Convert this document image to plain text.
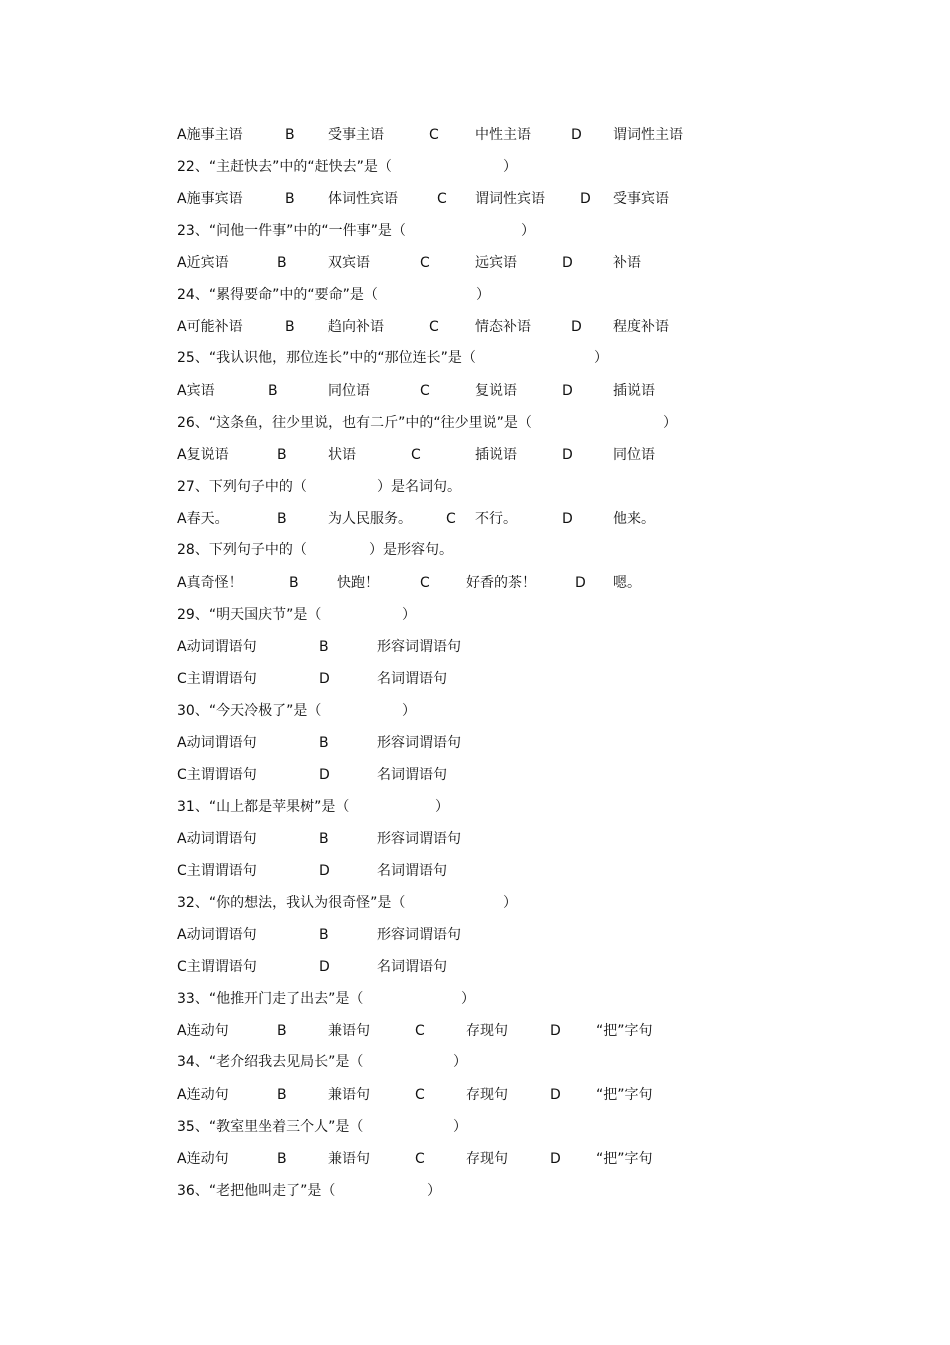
A施事主语

	B

受事主语

	C

	中性主语

	D

谓词性主语

22、“主赶快去”中的“赶快去”是（

	）

A施事宾语

	B

体词性宾语

	C

谓词性宾语

	D

受事宾语

23、“问他一件事”中的“一件事”是（

	）

A近宾语

	B

	双宾语

	C

	远宾语

	D

	补语

24、“累得要命”中的“要命”是（

	）

A可能补语

	B

趋向补语

	C

	情态补语

	D

程度补语

25、“我认识他，那位连长”中的“那位连长”是（

	）

A宾语

	B

	同位语

	C

	复说语

	D

	插说语

26、“这条鱼，往少里说，也有二斤”中的“往少里说”是（

	）

A复说语

	B

	状语

	C

	插说语

	D

	同位语

27、下列句子中的（

	）是名词句。

A春天。

	B

	为人民服务。

C

不行。

	D

	他来。

28、下列句子中的（

	）是形容句。

A真奇怪！

	B

	快跑！

	C

	好香的茶！

	D

嗯。

29、“明天国庆节”是（

	）

A动词谓语句

	B

	形容词谓语句

C主谓谓语句

	D

	名词谓语句

30、“今天冷极了”是（

	）

A动词谓语句

	B

	形容词谓语句

C主谓谓语句

	D

	名词谓语句

31、“山上都是苹果树”是（

	）

A动词谓语句

	B

	形容词谓语句

C主谓谓语句

	D

	名词谓语句

32、“你的想法，我认为很奇怪”是（

	）

A动词谓语句

	B

	形容词谓语句

C主谓谓语句

	D

	名词谓语句

33、“他推开门走了出去”是（

	）

A连动句

	B

	兼语句

	C

	存现句

	D

	“把”字句

34、“老介绍我去见局长”是（

	）

A连动句

	B

	兼语句

	C

	存现句

	D

	“把”字句

35、“教室里坐着三个人”是（

	）

A连动句

	B

	兼语句

	C

	存现句

	D

	“把”字句

36、“老把他叫走了”是（

	）
